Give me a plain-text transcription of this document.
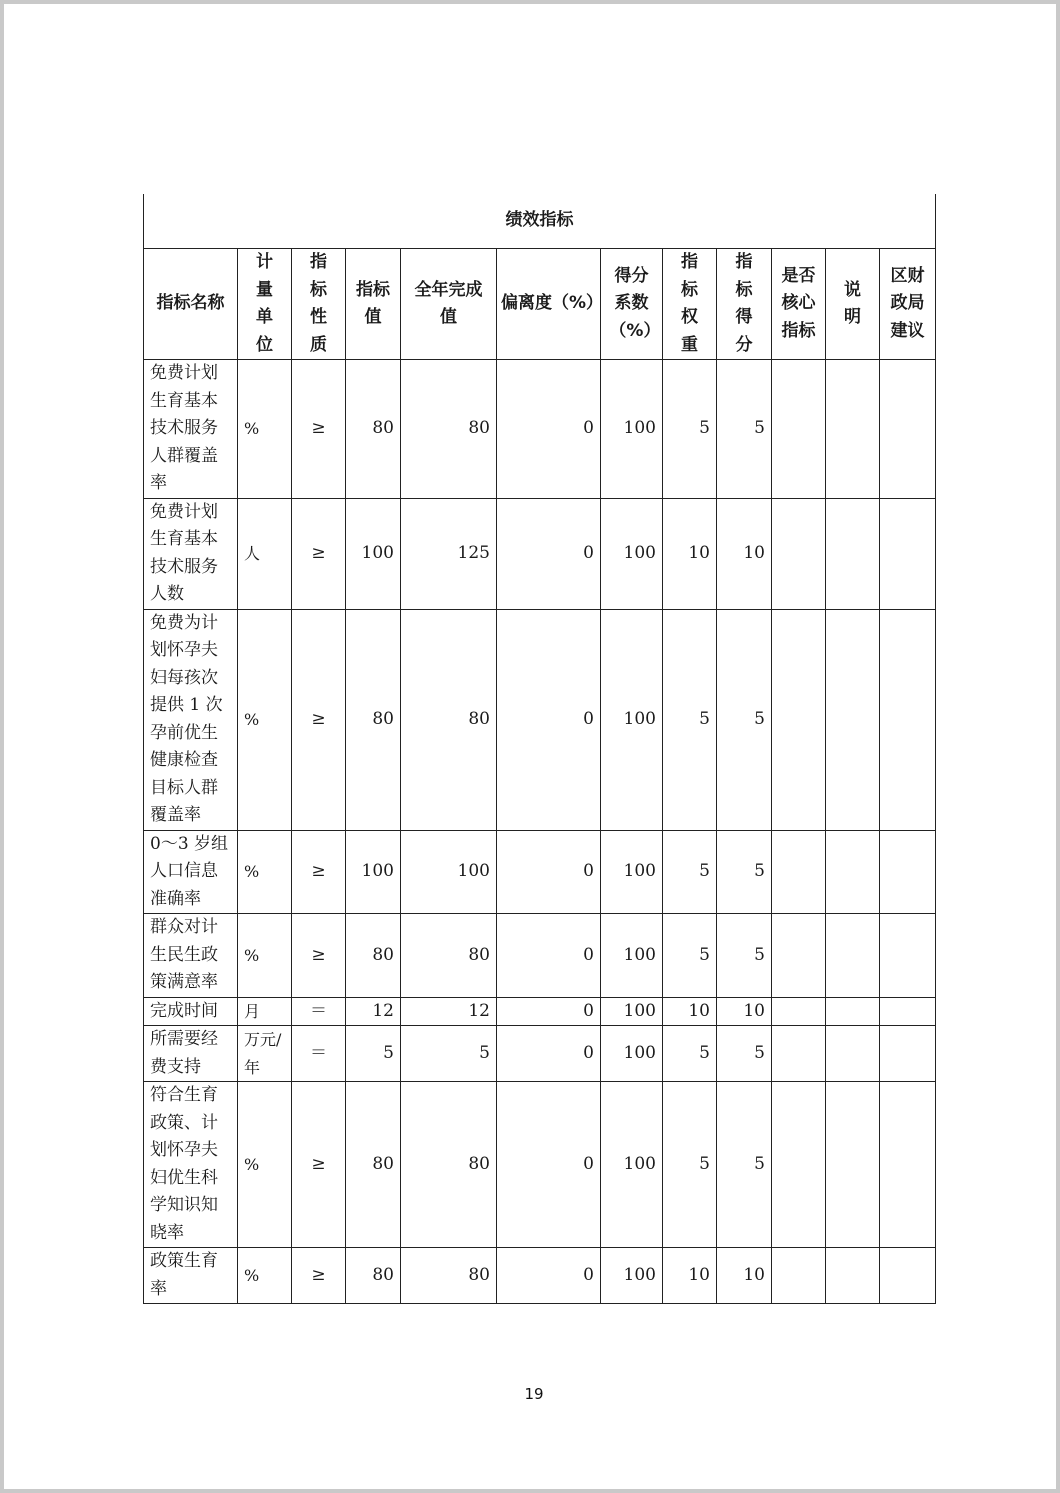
绩效指标											

指标名称	计量单位	指标性质	指标值	全年完成值	偏离度（%）	得分系数（%）	指标权重	指标得分	是否核心指标	说明	区财政局建议

免费计划生育基本技术服务人群覆盖率	%	≥	80	80	0	100	5	5			
免费计划生育基本技术服务人数	人	≥	100	125	0	100	10	10			
免费为计划怀孕夫妇每孩次提供 1 次孕前优生健康检查目标人群覆盖率	%	≥	80	80	0	100	5	5			
0～3 岁组人口信息准确率	%	≥	100	100	0	100	5	5			
群众对计生民生政策满意率	%	≥	80	80	0	100	5	5			
完成时间	月	＝	12	12	0	100	10	10			
所需要经费支持	万元/年	＝	5	5	0	100	5	5			
符合生育政策、计划怀孕夫妇优生科学知识知晓率	%	≥	80	80	0	100	5	5			
政策生育率	%	≥	80	80	0	100	10	10			
19
